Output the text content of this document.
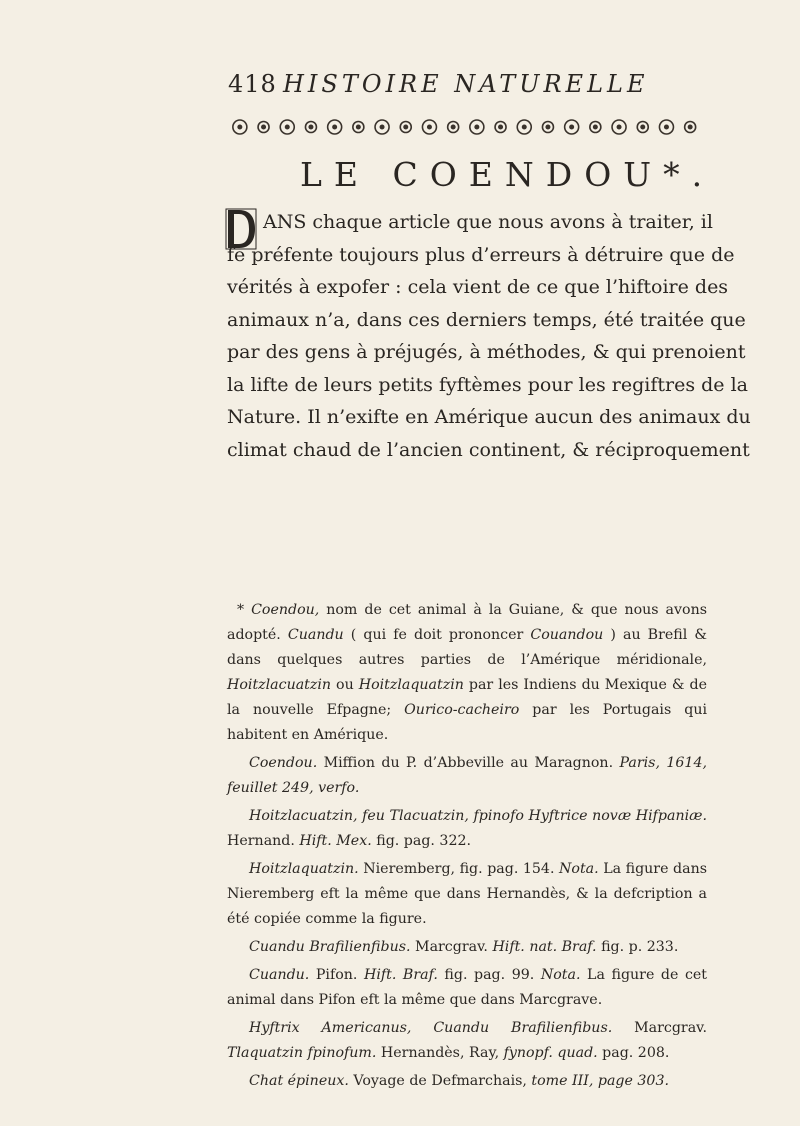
418 HISTOIRE NATURELLE
LE COENDOU*.
ANS chaque article que nous avons à traiter, il
fe préfente toujours plus d’erreurs à détruire que de
vérités à expofer : cela vient de ce que l’hiftoire des
animaux n’a, dans ces derniers temps, été traitée que
par des gens à préjugés, à méthodes, & qui prenoient
la lifte de leurs petits fyftèmes pour les regiftres de la
Nature. Il n’exifte en Amérique aucun des animaux du
climat chaud de l’ancien continent, & réciproquement

* Coendou, nom de cet animal à la Guiane, & que nous avons adopté. Cuandu ( qui fe doit prononcer Couandou ) au Brefil & dans quelques autres parties de l’Amérique méridionale, Hoitzlacuatzin ou Hoitzlaquatzin par les Indiens du Mexique & de la nouvelle Efpagne; Ourico-cacheiro par les Portugais qui habitent en Amérique.

Coendou. Miffion du P. d’Abbeville au Maragnon. Paris, 1614, feuillet 249, verfo.

Hoitzlacuatzin, feu Tlacuatzin, fpinofo Hyftrice novæ Hifpaniæ. Hernand. Hift. Mex. fig. pag. 322.

Hoitzlaquatzin. Nieremberg, fig. pag. 154. Nota. La figure dans Nieremberg eft la même que dans Hernandès, & la defcription a été copiée comme la figure.

Cuandu Brafilienfibus. Marcgrav. Hift. nat. Braf. fig. p. 233.

Cuandu. Pifon. Hift. Braf. fig. pag. 99. Nota. La figure de cet animal dans Pifon eft la même que dans Marcgrave.

Hyftrix Americanus, Cuandu Brafilienfibus. Marcgrav. Tlaquatzin fpinofum. Hernandès, Ray, fynopf. quad. pag. 208.

Chat épineux. Voyage de Defmarchais, tome III, page 303.
